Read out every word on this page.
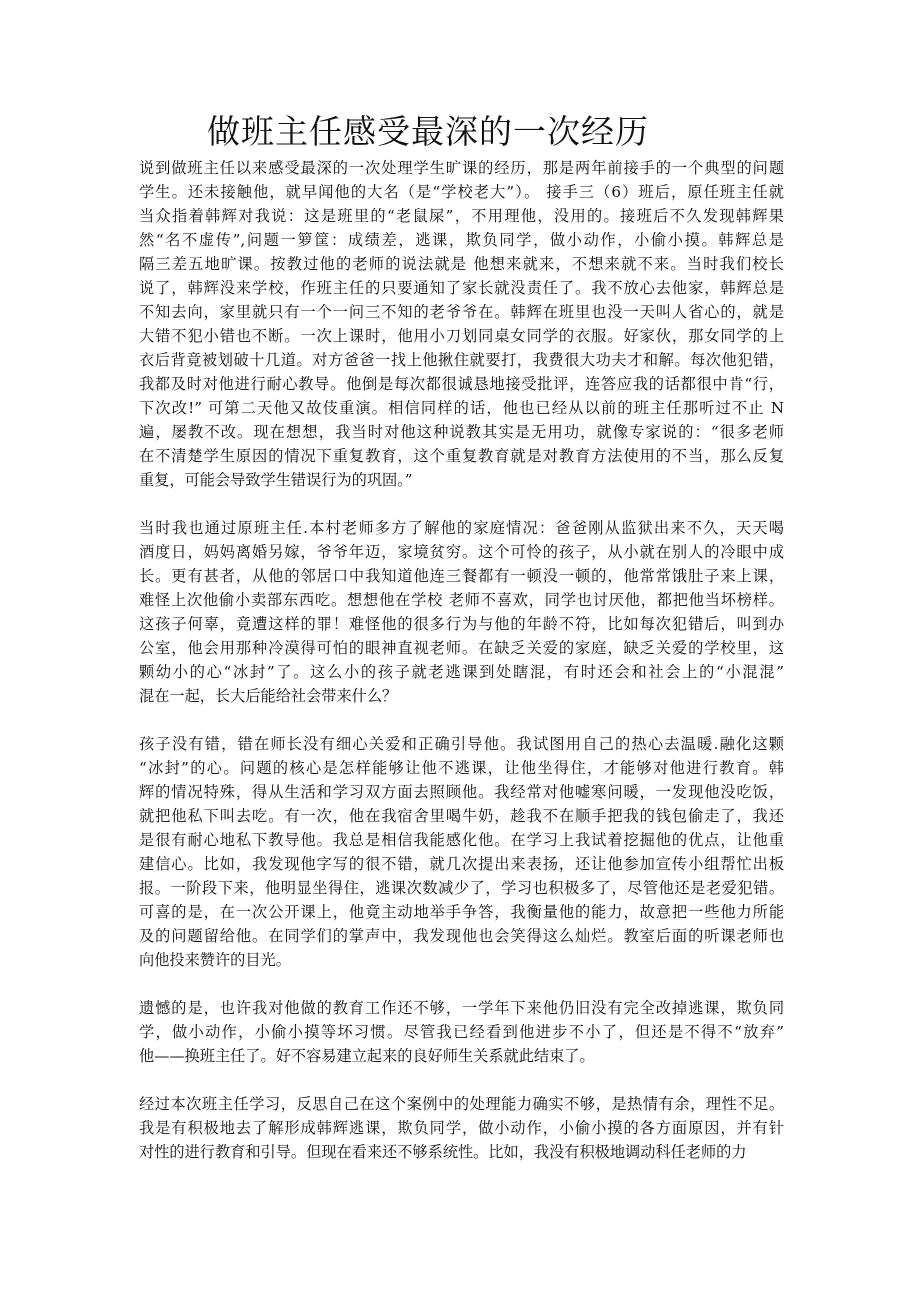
做班主任感受最深的一次经历
说到做班主任以来感受最深的一次处理学生旷课的经历，那是两年前接手的一个典型的问题
学生。还未接触他，就早闻他的大名（是“学校老大”）。 接手三（6）班后，原任班主任就
当众指着韩辉对我说：这是班里的“老鼠屎”，不用理他，没用的。接班后不久发现韩辉果
然“名不虚传”,问题一箩筐：成绩差，逃课，欺负同学，做小动作，小偷小摸。韩辉总是
隔三差五地旷课。按教过他的老师的说法就是 他想来就来，不想来就不来。当时我们校长
说了，韩辉没来学校，作班主任的只要通知了家长就没责任了。我不放心去他家，韩辉总是
不知去向，家里就只有一个一问三不知的老爷爷在。韩辉在班里也没一天叫人省心的，就是
大错不犯小错也不断。一次上课时，他用小刀划同桌女同学的衣服。好家伙，那女同学的上
衣后背竟被划破十几道。对方爸爸一找上他揪住就要打，我费很大功夫才和解。每次他犯错，
我都及时对他进行耐心教导。他倒是每次都很诚恳地接受批评，连答应我的话都很中肯“行，
下次改!” 可第二天他又故伎重演。相信同样的话，他也已经从以前的班主任那听过不止 N
遍，屡教不改。现在想想，我当时对他这种说教其实是无用功，就像专家说的：“很多老师
在不清楚学生原因的情况下重复教育，这个重复教育就是对教育方法使用的不当，那么反复
重复，可能会导致学生错误行为的巩固。”
当时我也通过原班主任.本村老师多方了解他的家庭情况：爸爸刚从监狱出来不久，天天喝
酒度日，妈妈离婚另嫁，爷爷年迈，家境贫穷。这个可怜的孩子，从小就在别人的冷眼中成
长。更有甚者，从他的邻居口中我知道他连三餐都有一顿没一顿的，他常常饿肚子来上课，
难怪上次他偷小卖部东西吃。想想他在学校 老师不喜欢，同学也讨厌他，都把他当坏榜样。
这孩子何辜，竟遭这样的罪！难怪他的很多行为与他的年龄不符，比如每次犯错后，叫到办
公室，他会用那种冷漠得可怕的眼神直视老师。在缺乏关爱的家庭，缺乏关爱的学校里，这
颗幼小的心“冰封”了。这么小的孩子就老逃课到处瞎混，有时还会和社会上的“小混混”
混在一起，长大后能给社会带来什么？
孩子没有错，错在师长没有细心关爱和正确引导他。我试图用自己的热心去温暖.融化这颗
“冰封”的心。问题的核心是怎样能够让他不逃课，让他坐得住，才能够对他进行教育。韩
辉的情况特殊，得从生活和学习双方面去照顾他。我经常对他嘘寒问暖，一发现他没吃饭，
就把他私下叫去吃。有一次，他在我宿舍里喝牛奶，趁我不在顺手把我的钱包偷走了，我还
是很有耐心地私下教导他。我总是相信我能感化他。在学习上我试着挖掘他的优点，让他重
建信心。比如，我发现他字写的很不错，就几次提出来表扬，还让他参加宣传小组帮忙出板
报。一阶段下来，他明显坐得住，逃课次数减少了，学习也积极多了，尽管他还是老爱犯错。
可喜的是，在一次公开课上，他竟主动地举手争答，我衡量他的能力，故意把一些他力所能
及的问题留给他。在同学们的掌声中，我发现他也会笑得这么灿烂。教室后面的听课老师也
向他投来赞许的目光。
遗憾的是，也许我对他做的教育工作还不够，一学年下来他仍旧没有完全改掉逃课，欺负同
学，做小动作，小偷小摸等坏习惯。尽管我已经看到他进步不小了，但还是不得不“放弃”
他——换班主任了。好不容易建立起来的良好师生关系就此结束了。
经过本次班主任学习，反思自己在这个案例中的处理能力确实不够，是热情有余，理性不足。
我是有积极地去了解形成韩辉逃课，欺负同学，做小动作，小偷小摸的各方面原因，并有针
对性的进行教育和引导。但现在看来还不够系统性。比如，我没有积极地调动科任老师的力
